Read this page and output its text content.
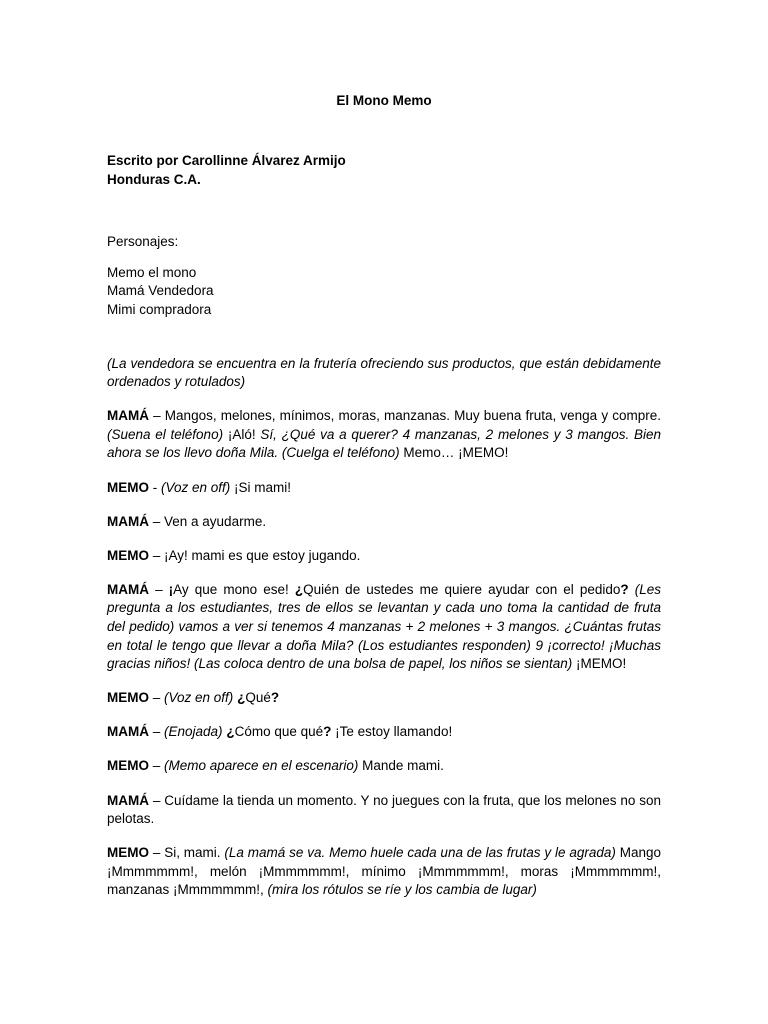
El Mono Memo

Escrito por Carollinne Álvarez Armijo

Honduras C.A.

Personajes:

Memo el mono

Mamá Vendedora

Mimi compradora

(La vendedora se encuentra en la frutería ofreciendo sus productos, que están debidamente ordenados y rotulados)

MAMÁ – Mangos, melones, mínimos, moras, manzanas. Muy buena fruta, venga y compre. (Suena el teléfono) ¡Aló! Sí, ¿Qué va a querer? 4 manzanas, 2 melones y 3 mangos. Bien ahora se los llevo doña Mila. (Cuelga el teléfono) Memo… ¡MEMO!

MEMO - (Voz en off) ¡Si mami!

MAMÁ – Ven a ayudarme.

MEMO – ¡Ay! mami es que estoy jugando.

MAMÁ – ¡Ay que mono ese! ¿Quién de ustedes me quiere ayudar con el pedido? (Les pregunta a los estudiantes, tres de ellos se levantan y cada uno toma la cantidad de fruta del pedido) vamos a ver si tenemos 4 manzanas + 2 melones + 3 mangos. ¿Cuántas frutas en total le tengo que llevar a doña Mila? (Los estudiantes responden) 9 ¡correcto! ¡Muchas gracias niños! (Las coloca dentro de una bolsa de papel, los niños se sientan) ¡MEMO!

MEMO – (Voz en off) ¿Qué?

MAMÁ – (Enojada) ¿Cómo que qué? ¡Te estoy llamando!

MEMO – (Memo aparece en el escenario) Mande mami.

MAMÁ – Cuídame la tienda un momento. Y no juegues con la fruta, que los melones no son pelotas.

MEMO – Si, mami. (La mamá se va. Memo huele cada una de las frutas y le agrada) Mango ¡Mmmmmmm!, melón ¡Mmmmmmm!, mínimo ¡Mmmmmmm!, moras ¡Mmmmmmm!, manzanas ¡Mmmmmmm!, (mira los rótulos se ríe y los cambia de lugar)
